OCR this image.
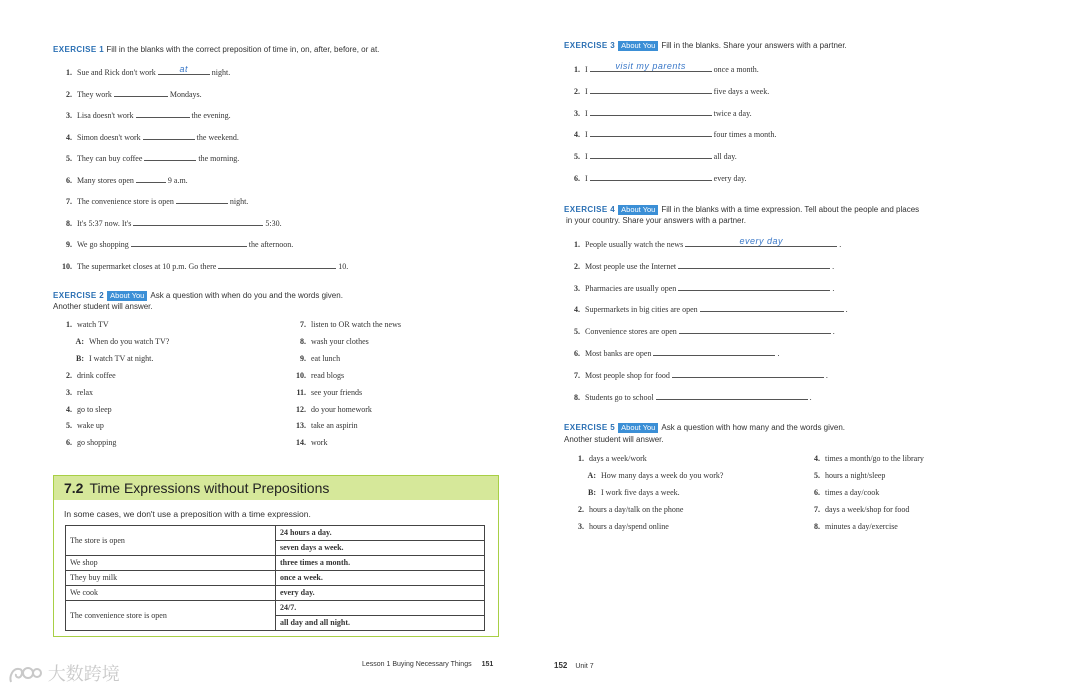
EXERCISE 1 Fill in the blanks with the correct preposition of time in, on, after, before, or at.
1. Sue and Rick don't work	at	night.
2. They work	Mondays.
3. Lisa doesn't work	the evening.
4. Simon doesn't work	the weekend.
5. They can buy coffee	the morning.
6. Many stores open	9 a.m.
7. The convenience store is open	night.
8. It's 5:37 now. It's	5:30.
9. We go shopping	the afternoon.
10. The supermarket closes at 10 p.m. Go there	10.
EXERCISE 2 About You Ask a question with when do you and the words given.
Another student will answer.
1. watch TV
A: When do you watch TV?
B: I watch TV at night.
2. drink coffee
3. relax
4. go to sleep
5. wake up
6. go shopping
7. listen to OR watch the news
8. wash your clothes
9. eat lunch
10. read blogs
11. see your friends
12. do your homework
13. take an aspirin
14. work
7.2 Time Expressions without Prepositions
In some cases, we don't use a preposition with a time expression.
The store is open	24 hours a day.
	seven days a week.
We shop	three times a month.
They buy milk	once a week.
We cook	every day.
The convenience store is open	24/7.
	all day and all night.
EXERCISE 3 About You Fill in the blanks. Share your answers with a partner.
1. I	visit my parents	once a month.
2. I	five days a week.
3. I	twice a day.
4. I	four times a month.
5. I	all day.
6. I	every day.
EXERCISE 4 About You Fill in the blanks with a time expression. Tell about the people and places
in your country. Share your answers with a partner.
1. People usually watch the news	every day	.
2. Most people use the Internet	.
3. Pharmacies are usually open	.
4. Supermarkets in big cities are open	.
5. Convenience stores are open	.
6. Most banks are open	.
7. Most people shop for food	.
8. Students go to school	.
EXERCISE 5 About You Ask a question with how many and the words given.
Another student will answer.
1. days a week/work
A: How many days a week do you work?
B: I work five days a week.
2. hours a day/talk on the phone
3. hours a day/spend online
4. times a month/go to the library
5. hours a night/sleep
6. times a day/cook
7. days a week/shop for food
8. minutes a day/exercise
Lesson 1 Buying Necessary Things 151	152 Unit 7
大数跨境
